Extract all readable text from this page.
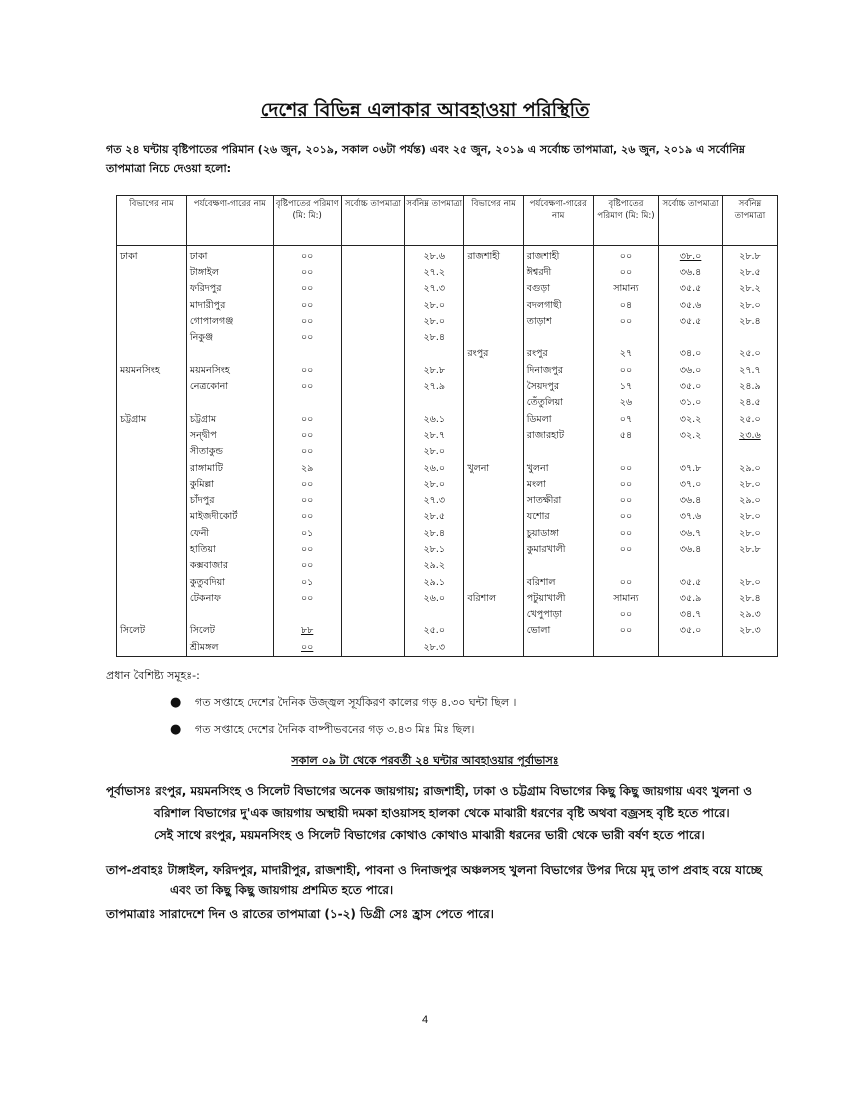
দেশের বিভিন্ন এলাকার আবহাওয়া পরিস্থিতি
গত ২৪ ঘন্টায় বৃষ্টিপাতের পরিমান (২৬ জুন, ২০১৯, সকাল ০৬টা পর্যন্ত) এবং ২৫ জুন, ২০১৯ এ সর্বোচ্চ তাপমাত্রা, ২৬ জুন, ২০১৯ এ সর্বোনিম্ন তাপমাত্রা নিচে দেওয়া হলো:
বিভাগের নাম	পর্যবেক্ষণা-গারের নাম	বৃষ্টিপাতের পরিমাণ (মি: মি:)	সর্বোচ্চ তাপমাত্রা	সর্বনিম্ন তাপমাত্রা	বিভাগের নাম	পর্যবেক্ষণা-গারের নাম	বৃষ্টিপাতের পরিমাণ (মি: মি:)	সর্বোচ্চ তাপমাত্রা	সর্বনিম্ন তাপমাত্রা
ঢাকা	ঢাকা	০০		২৮.৬	রাজশাহী	রাজশাহী	০০	৩৮.০	২৮.৮
	টাঙ্গাইল	০০		২৭.২		ঈশ্বরদী	০০	৩৬.৪	২৮.৫
	ফরিদপুর	০০		২৭.৩		বগুড়া	সামান্য	৩৫.৫	২৮.২
	মাদারীপুর	০০		২৮.০		বদলগাছী	০৪	৩৫.৬	২৮.০
	গোপালগঞ্জ	০০		২৮.০		তাড়াশ	০০	৩৫.৫	২৮.৪
	নিকুঞ্জ	০০		২৮.৪					
					রংপুর	রংপুর	২৭	৩৪.০	২৫.০
ময়মনসিংহ	ময়মনসিংহ	০০		২৮.৮		দিনাজপুর	০০	৩৬.০	২৭.৭
	নেত্রকোনা	০০		২৭.৯		সৈয়দপুর	১৭	৩৫.০	২৪.৯
						তেঁতুলিয়া	২৬	৩১.০	২৪.৫
চট্টগ্রাম	চট্টগ্রাম	০০		২৬.১		ডিমলা	০৭	৩২.২	২৫.০
	সন্দ্বীপ	০০		২৮.৭		রাজারহাট	৫৪	৩২.২	২৩.৬
	সীতাকুন্ড	০০		২৮.০					
	রাঙ্গামাটি	২৯		২৬.০	খুলনা	খুলনা	০০	৩৭.৮	২৯.০
	কুমিল্লা	০০		২৮.০		মংলা	০০	৩৭.০	২৮.০
	চাঁদপুর	০০		২৭.৩		সাতক্ষীরা	০০	৩৬.৪	২৯.০
	মাইজদীকোর্ট	০০		২৮.৫		যশোর	০০	৩৭.৬	২৮.০
	ফেনী	০১		২৮.৪		চুয়াডাঙ্গা	০০	৩৬.৭	২৮.০
	হাতিয়া	০০		২৮.১		কুমারখালী	০০	৩৬.৪	২৮.৮
	কক্সবাজার	০০		২৯.২					
	কুতুবদিয়া	০১		২৯.১		বরিশাল	০০	৩৫.৫	২৮.০
	টেকনাফ	০০		২৬.০	বরিশাল	পটুয়াখালী	সামান্য	৩৫.৯	২৮.৪
						খেপুপাড়া	০০	৩৪.৭	২৯.৩
সিলেট	সিলেট	৮৮		২৫.০		ভোলা	০০	৩৫.০	২৮.৩
	শ্রীমঙ্গল	০০		২৮.৩					
প্রধান বৈশিষ্ট্য সমূহঃ-:
● গত সপ্তাহে দেশের দৈনিক উজ্জ্বল সূর্যকিরণ কালের গড় ৪.৩০ ঘন্টা ছিল ।
● গত সপ্তাহে দেশের দৈনিক বাষ্পীভবনের গড় ৩.৪৩ মিঃ মিঃ ছিল।
সকাল ০৯ টা থেকে পরবর্তী ২৪ ঘন্টার আবহাওয়ার পূর্বাভাসঃ
পূর্বাভাসঃ রংপুর, ময়মনসিংহ ও সিলেট বিভাগের অনেক জায়গায়; রাজশাহী, ঢাকা ও চট্টগ্রাম বিভাগের কিছু কিছু জায়গায় এবং খুলনা ও
বরিশাল বিভাগের দু'এক জায়গায় অস্থায়ী দমকা হাওয়াসহ হালকা থেকে মাঝারী ধরণের বৃষ্টি অথবা বজ্রসহ বৃষ্টি হতে পারে।
সেই সাথে রংপুর, ময়মনসিংহ ও সিলেট বিভাগের কোথাও কোথাও মাঝারী ধরনের ভারী থেকে ভারী বর্ষণ হতে পারে।
তাপ-প্রবাহঃ টাঙ্গাইল, ফরিদপুর, মাদারীপুর, রাজশাহী, পাবনা ও দিনাজপুর অঞ্চলসহ খুলনা বিভাগের উপর দিয়ে মৃদু তাপ প্রবাহ বয়ে যাচ্ছে
এবং তা কিছু কিছু জায়গায় প্রশমিত হতে পারে।
তাপমাত্রাঃ সারাদেশে দিন ও রাতের তাপমাত্রা (১-২) ডিগ্রী সেঃ হ্রাস পেতে পারে।
4
